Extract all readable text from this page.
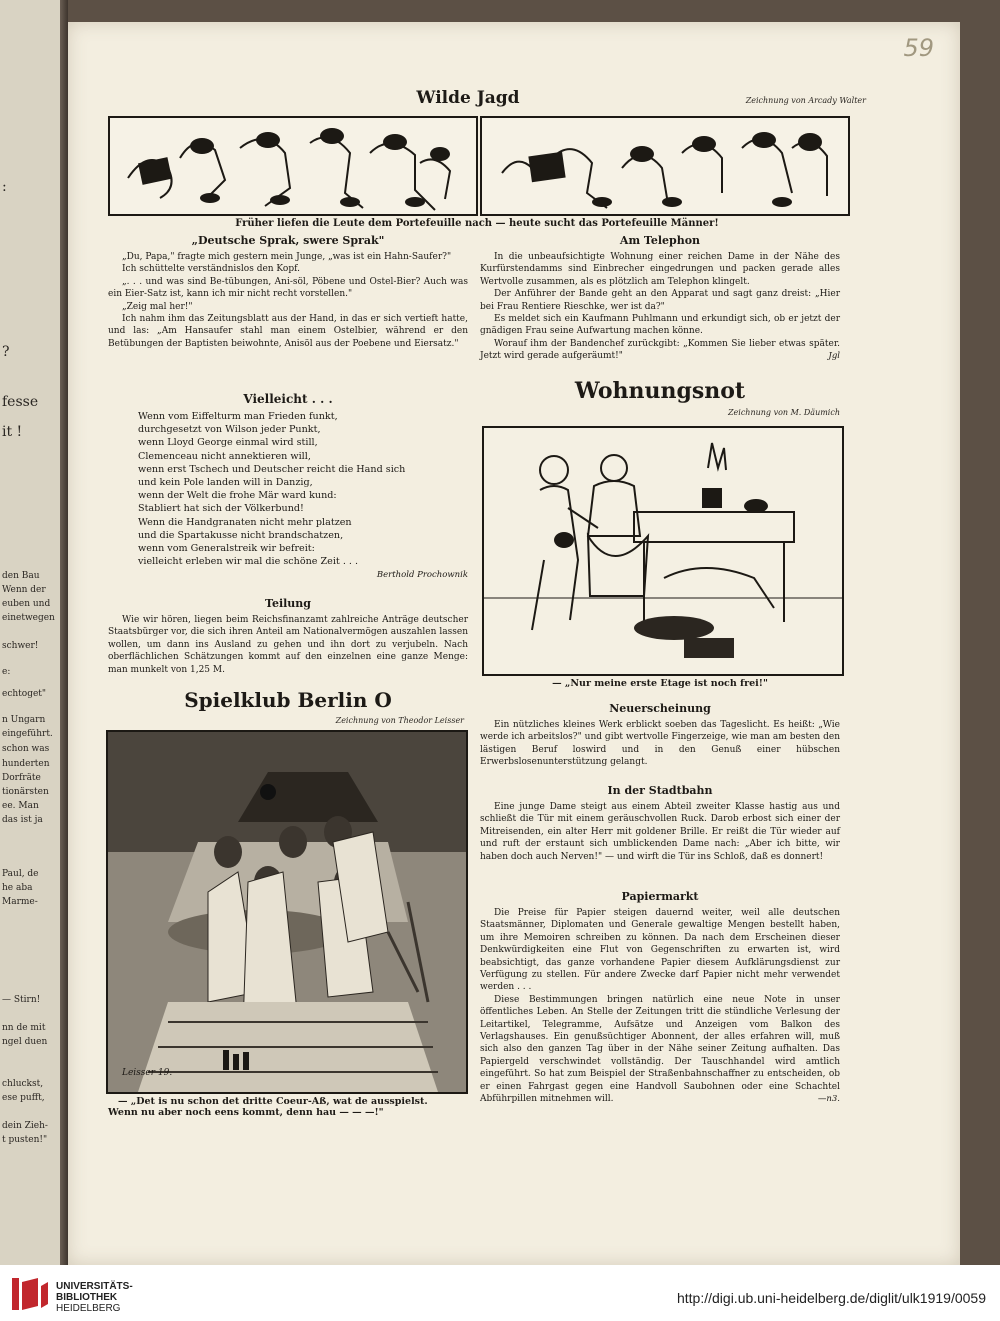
:
?
fesse
it !
den Bau
Wenn der
euben und
einetwegen
schwer!
e:
echtoget"
n Ungarn
eingeführt.
schon was
hunderten
Dorfräte
tionärsten
ee. Man
das ist ja
Paul, de
he aba
Marme-
— Stirn!
nn de mit
ngel duen
chluckst,
ese pufft,
dein Zieh-
t pusten!"
59
Wilde Jagd	Zeichnung von Arcady Walter
Früher liefen die Leute dem Portefeuille nach — heute sucht das Portefeuille Männer!
„Deutsche Sprak, swere Sprak"

„Du, Papa," fragte mich gestern mein Junge, „was ist ein Hahn-Saufer?"

Ich schüttelte verständnislos den Kopf.

„. . . und was sind Be-tübungen, Ani-söl, Pöbene und Ostel-Bier? Auch was ein Eier-Satz ist, kann ich mir nicht recht vorstellen."

„Zeig mal her!"

Ich nahm ihm das Zeitungsblatt aus der Hand, in das er sich vertieft hatte, und las: „Am Hansaufer stahl man einem Ostelbier, während er den Betübungen der Baptisten beiwohnte, Anisöl aus der Poebene und Eiersatz."

Vielleicht . . .
Wenn vom Eiffelturm man Frieden funkt,
durchgesetzt von Wilson jeder Punkt,
wenn Lloyd George einmal wird still,
Clemenceau nicht annektieren will,
wenn erst Tschech und Deutscher reicht die Hand sich
und kein Pole landen will in Danzig,
wenn der Welt die frohe Mär ward kund:
Stabliert hat sich der Völkerbund!
Wenn die Handgranaten nicht mehr platzen
und die Spartakusse nicht brandschatzen,
wenn vom Generalstreik wir befreit:
vielleicht erleben wir mal die schöne Zeit . . .
Berthold Prochownik
Teilung

Wie wir hören, liegen beim Reichsfinanzamt zahlreiche Anträge deutscher Staatsbürger vor, die sich ihren Anteil am Nationalvermögen auszahlen lassen wollen, um dann ins Ausland zu gehen und ihn dort zu verjubeln. Nach oberflächlichen Schätzungen kommt auf den einzelnen eine ganze Menge: man munkelt von 1,25 M.

Spielklub Berlin O
Zeichnung von Theodor Leisser
Leisser 19.
— „Det is nu schon det dritte Coeur-Aß, wat de ausspielst.
Wenn nu aber noch eens kommt, denn hau — — —!"
Am Telephon

In die unbeaufsichtigte Wohnung einer reichen Dame in der Nähe des Kurfürstendamms sind Einbrecher eingedrungen und packen gerade alles Wertvolle zusammen, als es plötzlich am Telephon klingelt.

Der Anführer der Bande geht an den Apparat und sagt ganz dreist: „Hier bei Frau Rentiere Rieschke, wer ist da?"

Es meldet sich ein Kaufmann Puhlmann und erkundigt sich, ob er jetzt der gnädigen Frau seine Aufwartung machen könne.

Worauf ihm der Bandenchef zurückgibt: „Kommen Sie lieber etwas später. Jetzt wird gerade aufgeräumt!"	Jgl
Wohnungsnot
Zeichnung von M. Däumich
— „Nur meine erste Etage ist noch frei!"
Neuerscheinung

Ein nützliches kleines Werk erblickt soeben das Tageslicht. Es heißt: „Wie werde ich arbeitslos?" und gibt wertvolle Fingerzeige, wie man am besten den lästigen Beruf loswird und in den Genuß einer hübschen Erwerbslosenunterstützung gelangt.

In der Stadtbahn

Eine junge Dame steigt aus einem Abteil zweiter Klasse hastig aus und schließt die Tür mit einem geräuschvollen Ruck. Darob erbost sich einer der Mitreisenden, ein alter Herr mit goldener Brille. Er reißt die Tür wieder auf und ruft der erstaunt sich umblickenden Dame nach: „Aber ich bitte, wir haben doch auch Nerven!" — und wirft die Tür ins Schloß, daß es donnert!

Papiermarkt

Die Preise für Papier steigen dauernd weiter, weil alle deutschen Staatsmänner, Diplomaten und Generale gewaltige Mengen bestellt haben, um ihre Memoiren schreiben zu können. Da nach dem Erscheinen dieser Denkwürdigkeiten eine Flut von Gegenschriften zu erwarten ist, wird beabsichtigt, das ganze vorhandene Papier diesem Aufklärungsdienst zur Verfügung zu stellen. Für andere Zwecke darf Papier nicht mehr verwendet werden . . .

Diese Bestimmungen bringen natürlich eine neue Note in unser öffentliches Leben. An Stelle der Zeitungen tritt die stündliche Verlesung der Leitartikel, Telegramme, Aufsätze und Anzeigen vom Balkon des Verlagshauses. Ein genußsüchtiger Abonnent, der alles erfahren will, muß sich also den ganzen Tag über in der Nähe seiner Zeitung aufhalten. Das Papiergeld verschwindet vollständig. Der Tauschhandel wird amtlich eingeführt. So hat zum Beispiel der Straßenbahnschaffner zu entscheiden, ob er einen Fahrgast gegen eine Handvoll Saubohnen oder eine Schachtel Abführpillen mitnehmen will.	—n3.
UNIVERSITÄTS-
BIBLIOTHEK
HEIDELBERG
http://digi.ub.uni-heidelberg.de/diglit/ulk1919/0059
